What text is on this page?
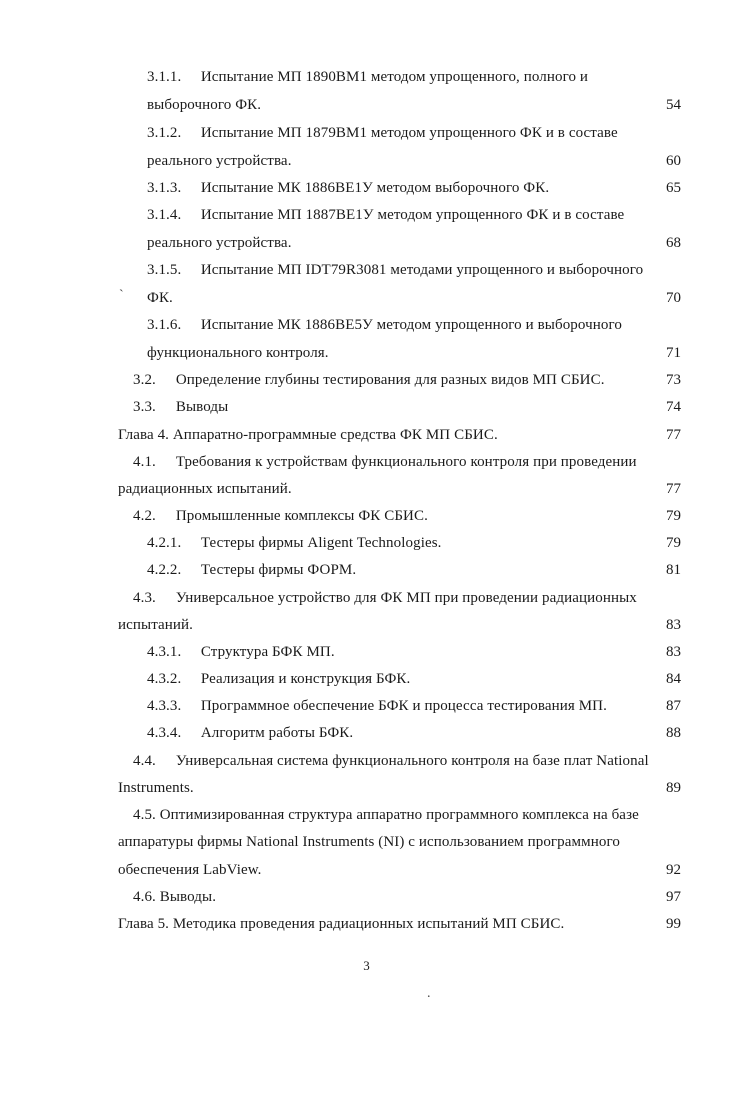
3.1.1. Испытание МП 1890ВМ1 методом упрощенного, полного и
выборочного ФК.	54
3.1.2. Испытание МП 1879ВМ1 методом упрощенного ФК и в составе
реального устройства.	60
3.1.3. Испытание МК 1886ВЕ1У методом выборочного ФК.	65
3.1.4. Испытание МП 1887ВЕ1У методом упрощенного ФК и в составе
реального устройства.	68
3.1.5. Испытание МП IDT79R3081 методами упрощенного и выборочного
ФК.	70
3.1.6. Испытание МК 1886ВЕ5У методом упрощенного и выборочного
функционального контроля.	71
3.2. Определение глубины тестирования для разных видов МП СБИС.	73
3.3. Выводы	74
Глава 4. Аппаратно-программные средства ФК МП СБИС.	77
4.1. Требования к устройствам функционального контроля при проведении
радиационных испытаний.	77
4.2. Промышленные комплексы ФК СБИС.	79
4.2.1. Тестеры фирмы Aligent Technologies.	79
4.2.2. Тестеры фирмы ФОРМ.	81
4.3. Универсальное устройство для ФК МП при проведении радиационных
испытаний.	83
4.3.1. Структура БФК МП.	83
4.3.2. Реализация и конструкция БФК.	84
4.3.3. Программное обеспечение БФК и процесса тестирования МП.	87
4.3.4. Алгоритм работы БФК.	88
4.4. Универсальная система функционального контроля на базе плат National
Instruments.	89
4.5. Оптимизированная структура аппаратно программного комплекса на базе
аппаратуры фирмы National Instruments (NI) с использованием программного
обеспечения LabView.	92
4.6. Выводы.	97
Глава 5. Методика проведения радиационных испытаний МП СБИС.	99
3
`
.
